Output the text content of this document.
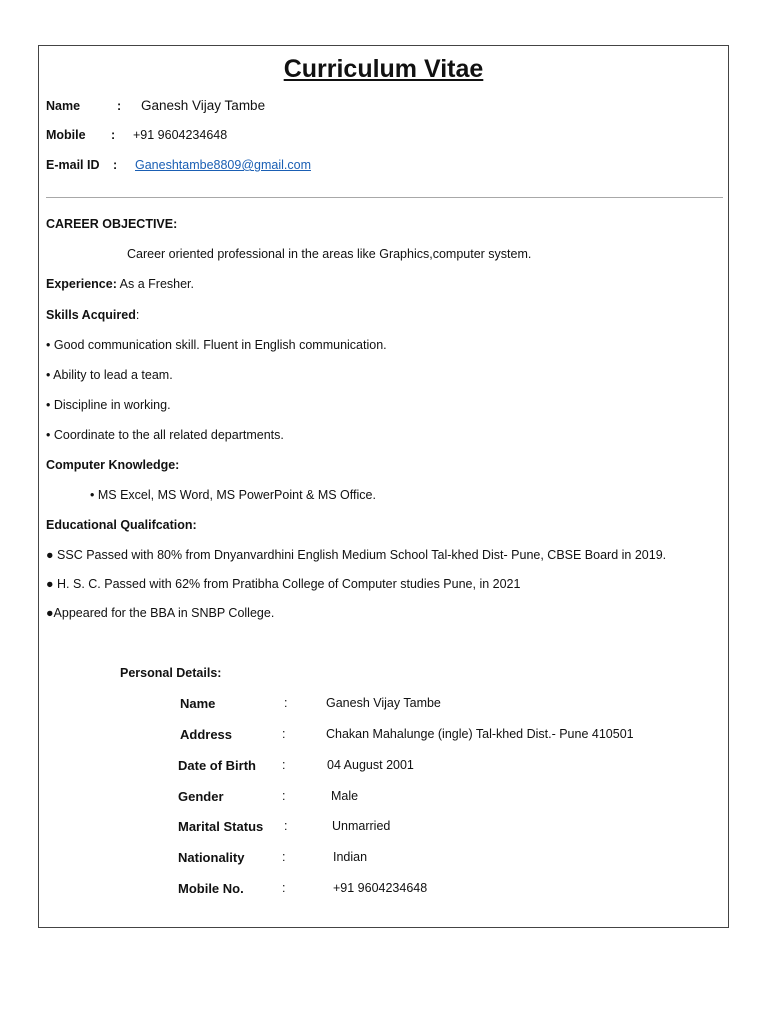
Curriculum Vitae
Name	: Ganesh Vijay Tambe
Mobile : +91 9604234648
E-mail ID : Ganeshtambe8809@gmail.com
CAREER OBJECTIVE:
Career oriented professional in the areas like Graphics,computer system.
Experience: As a Fresher.
Skills Acquired:
• Good communication skill. Fluent in English communication.
• Ability to lead a team.
• Discipline in working.
• Coordinate to the all related departments.
Computer Knowledge:
• MS Excel, MS Word, MS PowerPoint & MS Office.
Educational Qualifcation:
● SSC Passed with 80% from Dnyanvardhini English Medium School Tal-khed Dist- Pune, CBSE Board in 2019.
● H. S. C. Passed with 62% from Pratibha College of Computer studies Pune, in 2021
●Appeared for the BBA in SNBP College.
Personal Details:
Name	:	Ganesh Vijay Tambe
Address	:	Chakan Mahalunge (ingle) Tal-khed Dist.- Pune 410501
Date of Birth :	04 August 2001
Gender	:	Male
Marital Status :	Unmarried
Nationality	:	Indian
Mobile No.	:	+91 9604234648
